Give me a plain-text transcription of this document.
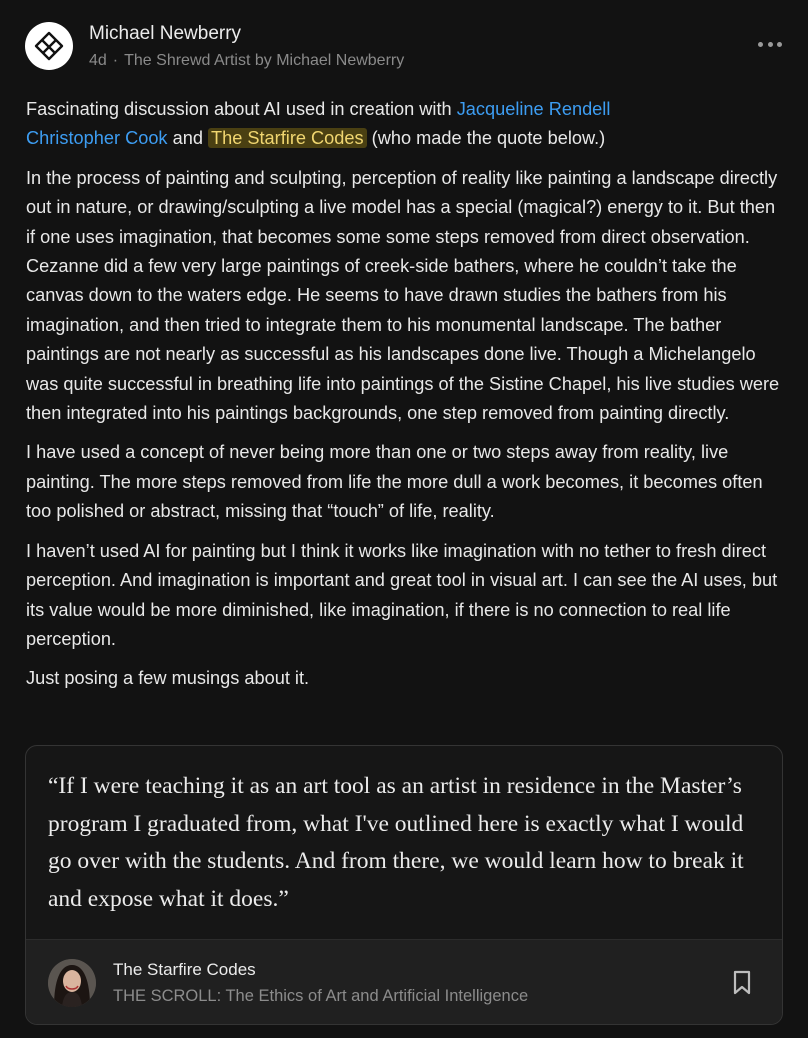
Michael Newberry
4d · The Shrewd Artist by Michael Newberry

Fascinating discussion about AI used in creation with Jacqueline Rendell
Christopher Cook and The Starfire Codes (who made the quote below.)

In the process of painting and sculpting, perception of reality like painting a landscape directly out in nature, or drawing/sculpting a live model has a special (magical?) energy to it. But then if one uses imagination, that becomes some some steps removed from direct observation. Cezanne did a few very large paintings of creek-side bathers, where he couldn’t take the canvas down to the waters edge. He seems to have drawn studies the bathers from his imagination, and then tried to integrate them to his monumental landscape. The bather paintings are not nearly as successful as his landscapes done live. Though a Michelangelo was quite successful in breathing life into paintings of the Sistine Chapel, his live studies were then integrated into his paintings backgrounds, one step removed from painting directly.

I have used a concept of never being more than one or two steps away from reality, live painting. The more steps removed from life the more dull a work becomes, it becomes often too polished or abstract, missing that “touch” of life, reality.

I haven’t used AI for painting but I think it works like imagination with no tether to fresh direct perception. And imagination is important and great tool in visual art. I can see the AI uses, but its value would be more diminished, like imagination, if there is no connection to real life perception.

Just posing a few musings about it.

“If I were teaching it as an art tool as an artist in residence in the Master’s program I graduated from, what I've outlined here is exactly what I would go over with the students. And from there, we would learn how to break it and expose what it does.”
The Starfire Codes
THE SCROLL: The Ethics of Art and Artificial Intelligence
